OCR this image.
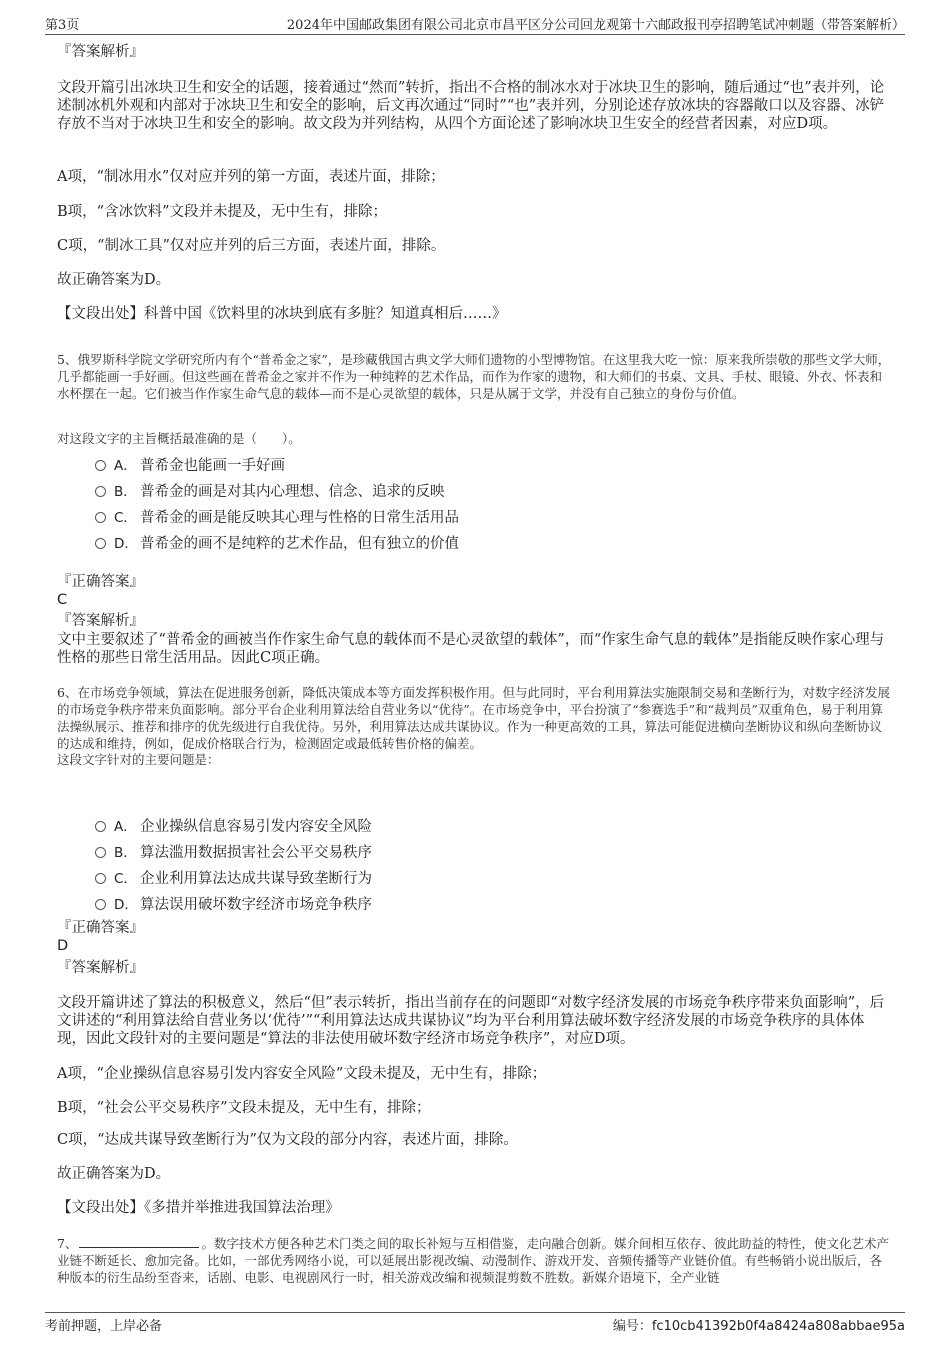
第3页	2024年中国邮政集团有限公司北京市昌平区分公司回龙观第十六邮政报刊亭招聘笔试冲刺题（带答案解析）
『答案解析』
文段开篇引出冰块卫生和安全的话题，接着通过“然而”转折，指出不合格的制冰水对于冰块卫生的影响，随后通过“也”表并列，论述制冰机外观和内部对于冰块卫生和安全的影响，后文再次通过“同时”“也”表并列，分别论述存放冰块的容器敞口以及容器、冰铲存放不当对于冰块卫生和安全的影响。故文段为并列结构，从四个方面论述了影响冰块卫生安全的经营者因素，对应D项。
A项，“制冰用水”仅对应并列的第一方面，表述片面，排除；
B项，“含冰饮料”文段并未提及，无中生有，排除；
C项，“制冰工具”仅对应并列的后三方面，表述片面，排除。
故正确答案为D。
【文段出处】科普中国《饮料里的冰块到底有多脏？知道真相后……》
5、俄罗斯科学院文学研究所内有个“普希金之家”，是珍藏俄国古典文学大师们遗物的小型博物馆。在这里我大吃一惊：原来我所崇敬的那些文学大师，几乎都能画一手好画。但这些画在普希金之家并不作为一种纯粹的艺术作品，而作为作家的遗物，和大师们的书桌、文具、手杖、眼镜、外衣、怀表和水杯摆在一起。它们被当作作家生命气息的载体—而不是心灵欲望的载体，只是从属于文学，并没有自己独立的身份与价值。
对这段文字的主旨概括最准确的是（　　）。
A． 普希金也能画一手好画
B． 普希金的画是对其内心理想、信念、追求的反映
C． 普希金的画是能反映其心理与性格的日常生活用品
D． 普希金的画不是纯粹的艺术作品，但有独立的价值
『正确答案』
C
『答案解析』
文中主要叙述了“普希金的画被当作作家生命气息的载体而不是心灵欲望的载体”，而“作家生命气息的载体”是指能反映作家心理与性格的那些日常生活用品。因此C项正确。
6、在市场竞争领域，算法在促进服务创新，降低决策成本等方面发挥积极作用。但与此同时，平台利用算法实施限制交易和垄断行为，对数字经济发展的市场竞争秩序带来负面影响。部分平台企业利用算法给自营业务以“优待”。在市场竞争中，平台扮演了“参赛选手”和“裁判员”双重角色，易于利用算法操纵展示、推荐和排序的优先级进行自我优待。另外，利用算法达成共谋协议。作为一种更高效的工具，算法可能促进横向垄断协议和纵向垄断协议的达成和维持，例如，促成价格联合行为，检测固定或最低转售价格的偏差。
这段文字针对的主要问题是：
A． 企业操纵信息容易引发内容安全风险
B． 算法滥用数据损害社会公平交易秩序
C． 企业利用算法达成共谋导致垄断行为
D． 算法误用破坏数字经济市场竞争秩序
『正确答案』
D
『答案解析』
文段开篇讲述了算法的积极意义，然后“但”表示转折，指出当前存在的问题即“对数字经济发展的市场竞争秩序带来负面影响”，后文讲述的“利用算法给自营业务以‘优待’”“利用算法达成共谋协议”均为平台利用算法破坏数字经济发展的市场竞争秩序的具体体现，因此文段针对的主要问题是“算法的非法使用破坏数字经济市场竞争秩序”，对应D项。
A项，“企业操纵信息容易引发内容安全风险”文段未提及，无中生有，排除；
B项，“社会公平交易秩序”文段未提及，无中生有，排除；
C项，“达成共谋导致垄断行为”仅为文段的部分内容，表述片面，排除。
故正确答案为D。
【文段出处】《多措并举推进我国算法治理》
7、	。数字技术方便各种艺术门类之间的取长补短与互相借鉴，走向融合创新。媒介间相互依存、彼此助益的特性，使文化艺术产业链不断延长、愈加完备。比如，一部优秀网络小说，可以延展出影视改编、动漫制作、游戏开发、音频传播等产业链价值。有些畅销小说出版后，各种版本的衍生品纷至沓来，话剧、电影、电视剧风行一时，相关游戏改编和视频混剪数不胜数。新媒介语境下，全产业链
考前押题，上岸必备	编号：fc10cb41392b0f4a8424a808abbae95a
